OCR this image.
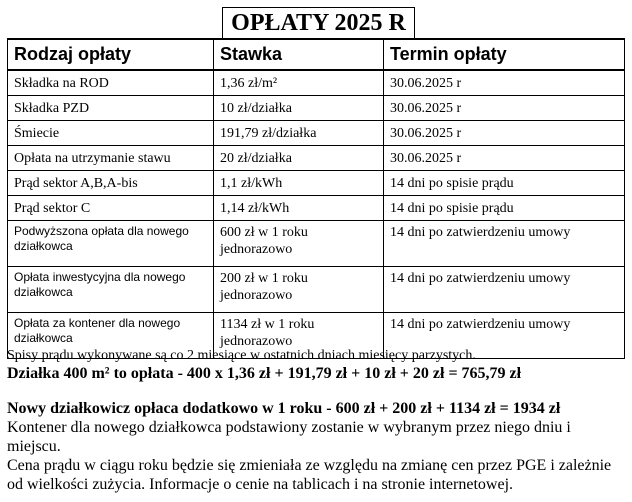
OPŁATY 2025 R
Rodzaj opłaty	Stawka	Termin opłaty
Składka na ROD	1,36 zł/m²	30.06.2025 r
Składka PZD	10 zł/działka	30.06.2025 r
Śmiecie	191,79 zł/działka	30.06.2025 r
Opłata na utrzymanie stawu	20 zł/działka	30.06.2025 r
Prąd sektor A,B,A-bis	1,1 zł/kWh	14 dni po spisie prądu
Prąd sektor C	1,14 zł/kWh	14 dni po spisie prądu
Podwyższona opłata dla nowego działkowca	600 zł w 1 roku jednorazowo	14 dni po zatwierdzeniu umowy
Opłata inwestycyjna dla nowego działkowca	200 zł w 1 roku jednorazowo	14 dni po zatwierdzeniu umowy
Opłata za kontener dla nowego działkowca	1134 zł w 1 roku jednorazowo	14 dni po zatwierdzeniu umowy

Spisy prądu wykonywane są co 2 miesiące w ostatnich dniach miesięcy parzystych.

Działka 400 m² to opłata - 400 x 1,36 zł + 191,79 zł + 10 zł + 20 zł = 765,79 zł

Nowy działkowicz opłaca dodatkowo w 1 roku - 600 zł + 200 zł + 1134 zł = 1934 zł

Kontener dla nowego działkowca podstawiony zostanie w wybranym przez niego dniu i miejscu.

Cena prądu w ciągu roku będzie się zmieniała ze względu na zmianę cen przez PGE i zależnie od wielkości zużycia. Informacje o cenie na tablicach i na stronie internetowej.
